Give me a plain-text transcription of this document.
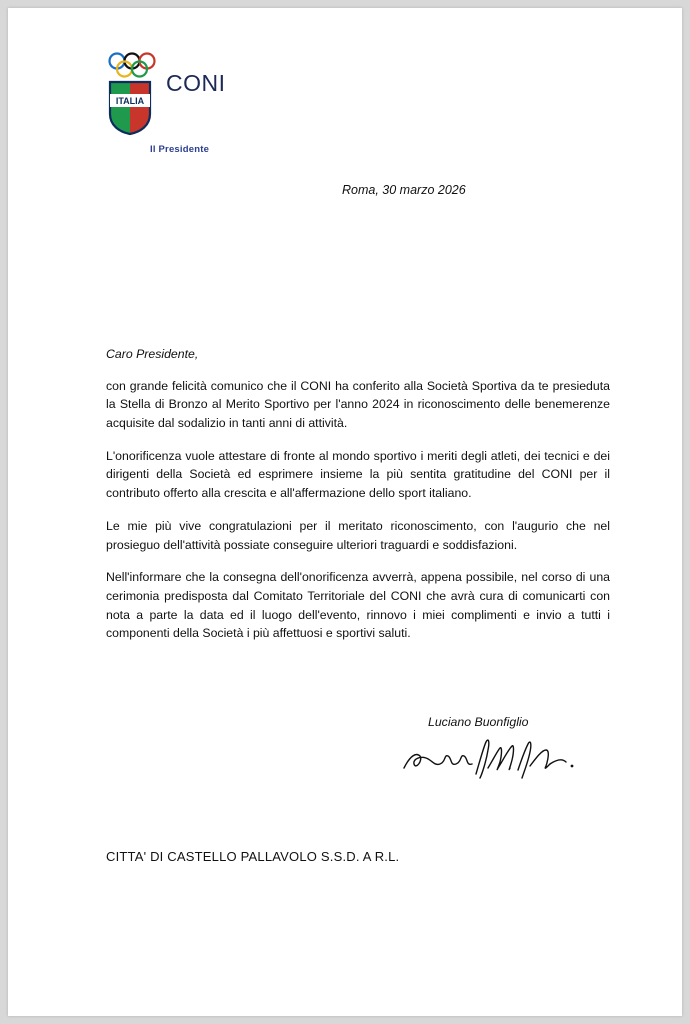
ITALIA
CONI
Il Presidente
Roma, 30 marzo 2026

Caro Presidente,

con grande felicità comunico che il CONI ha conferito alla Società Sportiva da te presieduta la Stella di Bronzo al Merito Sportivo per l'anno 2024 in riconoscimento delle benemerenze acquisite dal sodalizio in tanti anni di attività.

L'onorificenza vuole attestare di fronte al mondo sportivo i meriti degli atleti, dei tecnici e dei dirigenti della Società ed esprimere insieme la più sentita gratitudine del CONI per il contributo offerto alla crescita e all'affermazione dello sport italiano.

Le mie più vive congratulazioni per il meritato riconoscimento, con l'augurio che nel prosieguo dell'attività possiate conseguire ulteriori traguardi e soddisfazioni.

Nell'informare che la consegna dell'onorificenza avverrà, appena possibile, nel corso di una cerimonia predisposta dal Comitato Territoriale del CONI che avrà cura di comunicarti con nota a parte la data ed il luogo dell'evento, rinnovo i miei complimenti e invio a tutti i componenti della Società i più affettuosi e sportivi saluti.

Luciano Buonfiglio
CITTA' DI CASTELLO PALLAVOLO S.S.D. A R.L.
